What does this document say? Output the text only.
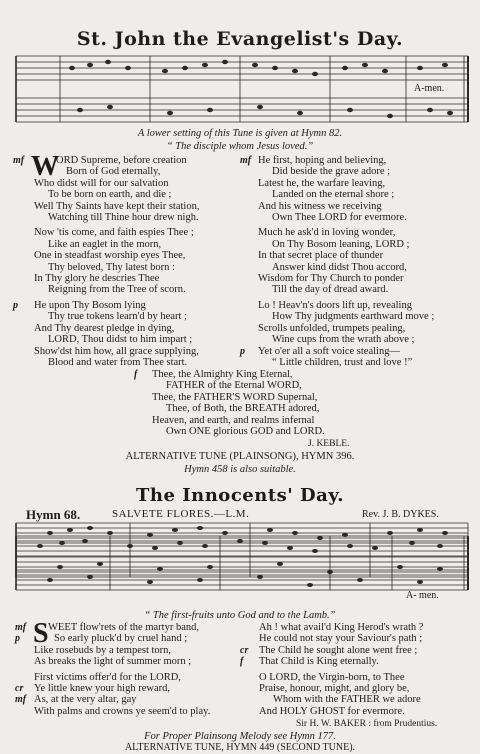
St. John the Evangelist's Day.
A-men.
A lower setting of this Tune is given at Hymn 82.
“ The disciple whom Jesus loved.”
mf W
ORD Supreme, before creation
Born of God eternally,
Who didst will for our salvation
To be born on earth, and die ;
Well Thy Saints have kept their station,
Watching till Thine hour drew nigh.
Now 'tis come, and faith espies Thee ;
Like an eaglet in the morn,
One in steadfast worship eyes Thee,
Thy beloved, Thy latest born :
In Thy glory he descries Thee
Reigning from the Tree of scorn.
p He upon Thy Bosom lying
Thy true tokens learn'd by heart ;
And Thy dearest pledge in dying,
LORD, Thou didst to him impart ;
Show'dst him how, all grace supplying,
Blood and water from Thee start.
mf He first, hoping and believing,
Did beside the grave adore ;
Latest he, the warfare leaving,
Landed on the eternal shore ;
And his witness we receiving
Own Thee LORD for evermore.
Much he ask'd in loving wonder,
On Thy Bosom leaning, LORD ;
In that secret place of thunder
Answer kind didst Thou accord,
Wisdom for Thy Church to ponder
Till the day of dread award.
Lo ! Heav'n's doors lift up, revealing
How Thy judgments earthward move ;
Scrolls unfolded, trumpets pealing,
Wine cups from the wrath above ;
p Yet o'er all a soft voice stealing—
“ Little children, trust and love !”
f Thee, the Almighty King Eternal,
FATHER of the Eternal WORD,
Thee, the FATHER'S WORD Supernal,
Thee, of Both, the BREATH adored,
Heaven, and earth, and realms infernal
Own ONE glorious GOD and LORD.
J. KEBLE.
ALTERNATIVE TUNE (PLAINSONG), HYMN 396.
Hymn 458 is also suitable.
The Innocents' Day.
Hymn 68.	SALVETE FLORES.—L.M.	Rev. J. B. DYKES.
A- men.
“ The first-fruits unto God and to the Lamb.”
mf S WEET flow'rets of the martyr band,
p	So early pluck'd by cruel hand ;
Like rosebuds by a tempest torn,
As breaks the light of summer morn ;
First victims offer'd for the LORD,
cr Ye little knew your high reward,
mf As, at the very altar, gay
With palms and crowns ye seem'd to play.
Ah ! what avail'd King Herod's wrath ?
He could not stay your Saviour's path ;
cr The Child he sought alone went free ;
f That Child is King eternally.
O LORD, the Virgin-born, to Thee
Praise, honour, might, and glory be,
Whom with the FATHER we adore
And HOLY GHOST for evermore.
Sir H. W. BAKER : from Prudentius.
For Proper Plainsong Melody see Hymn 177.
ALTERNATIVE TUNE, HYMN 449 (SECOND TUNE).
